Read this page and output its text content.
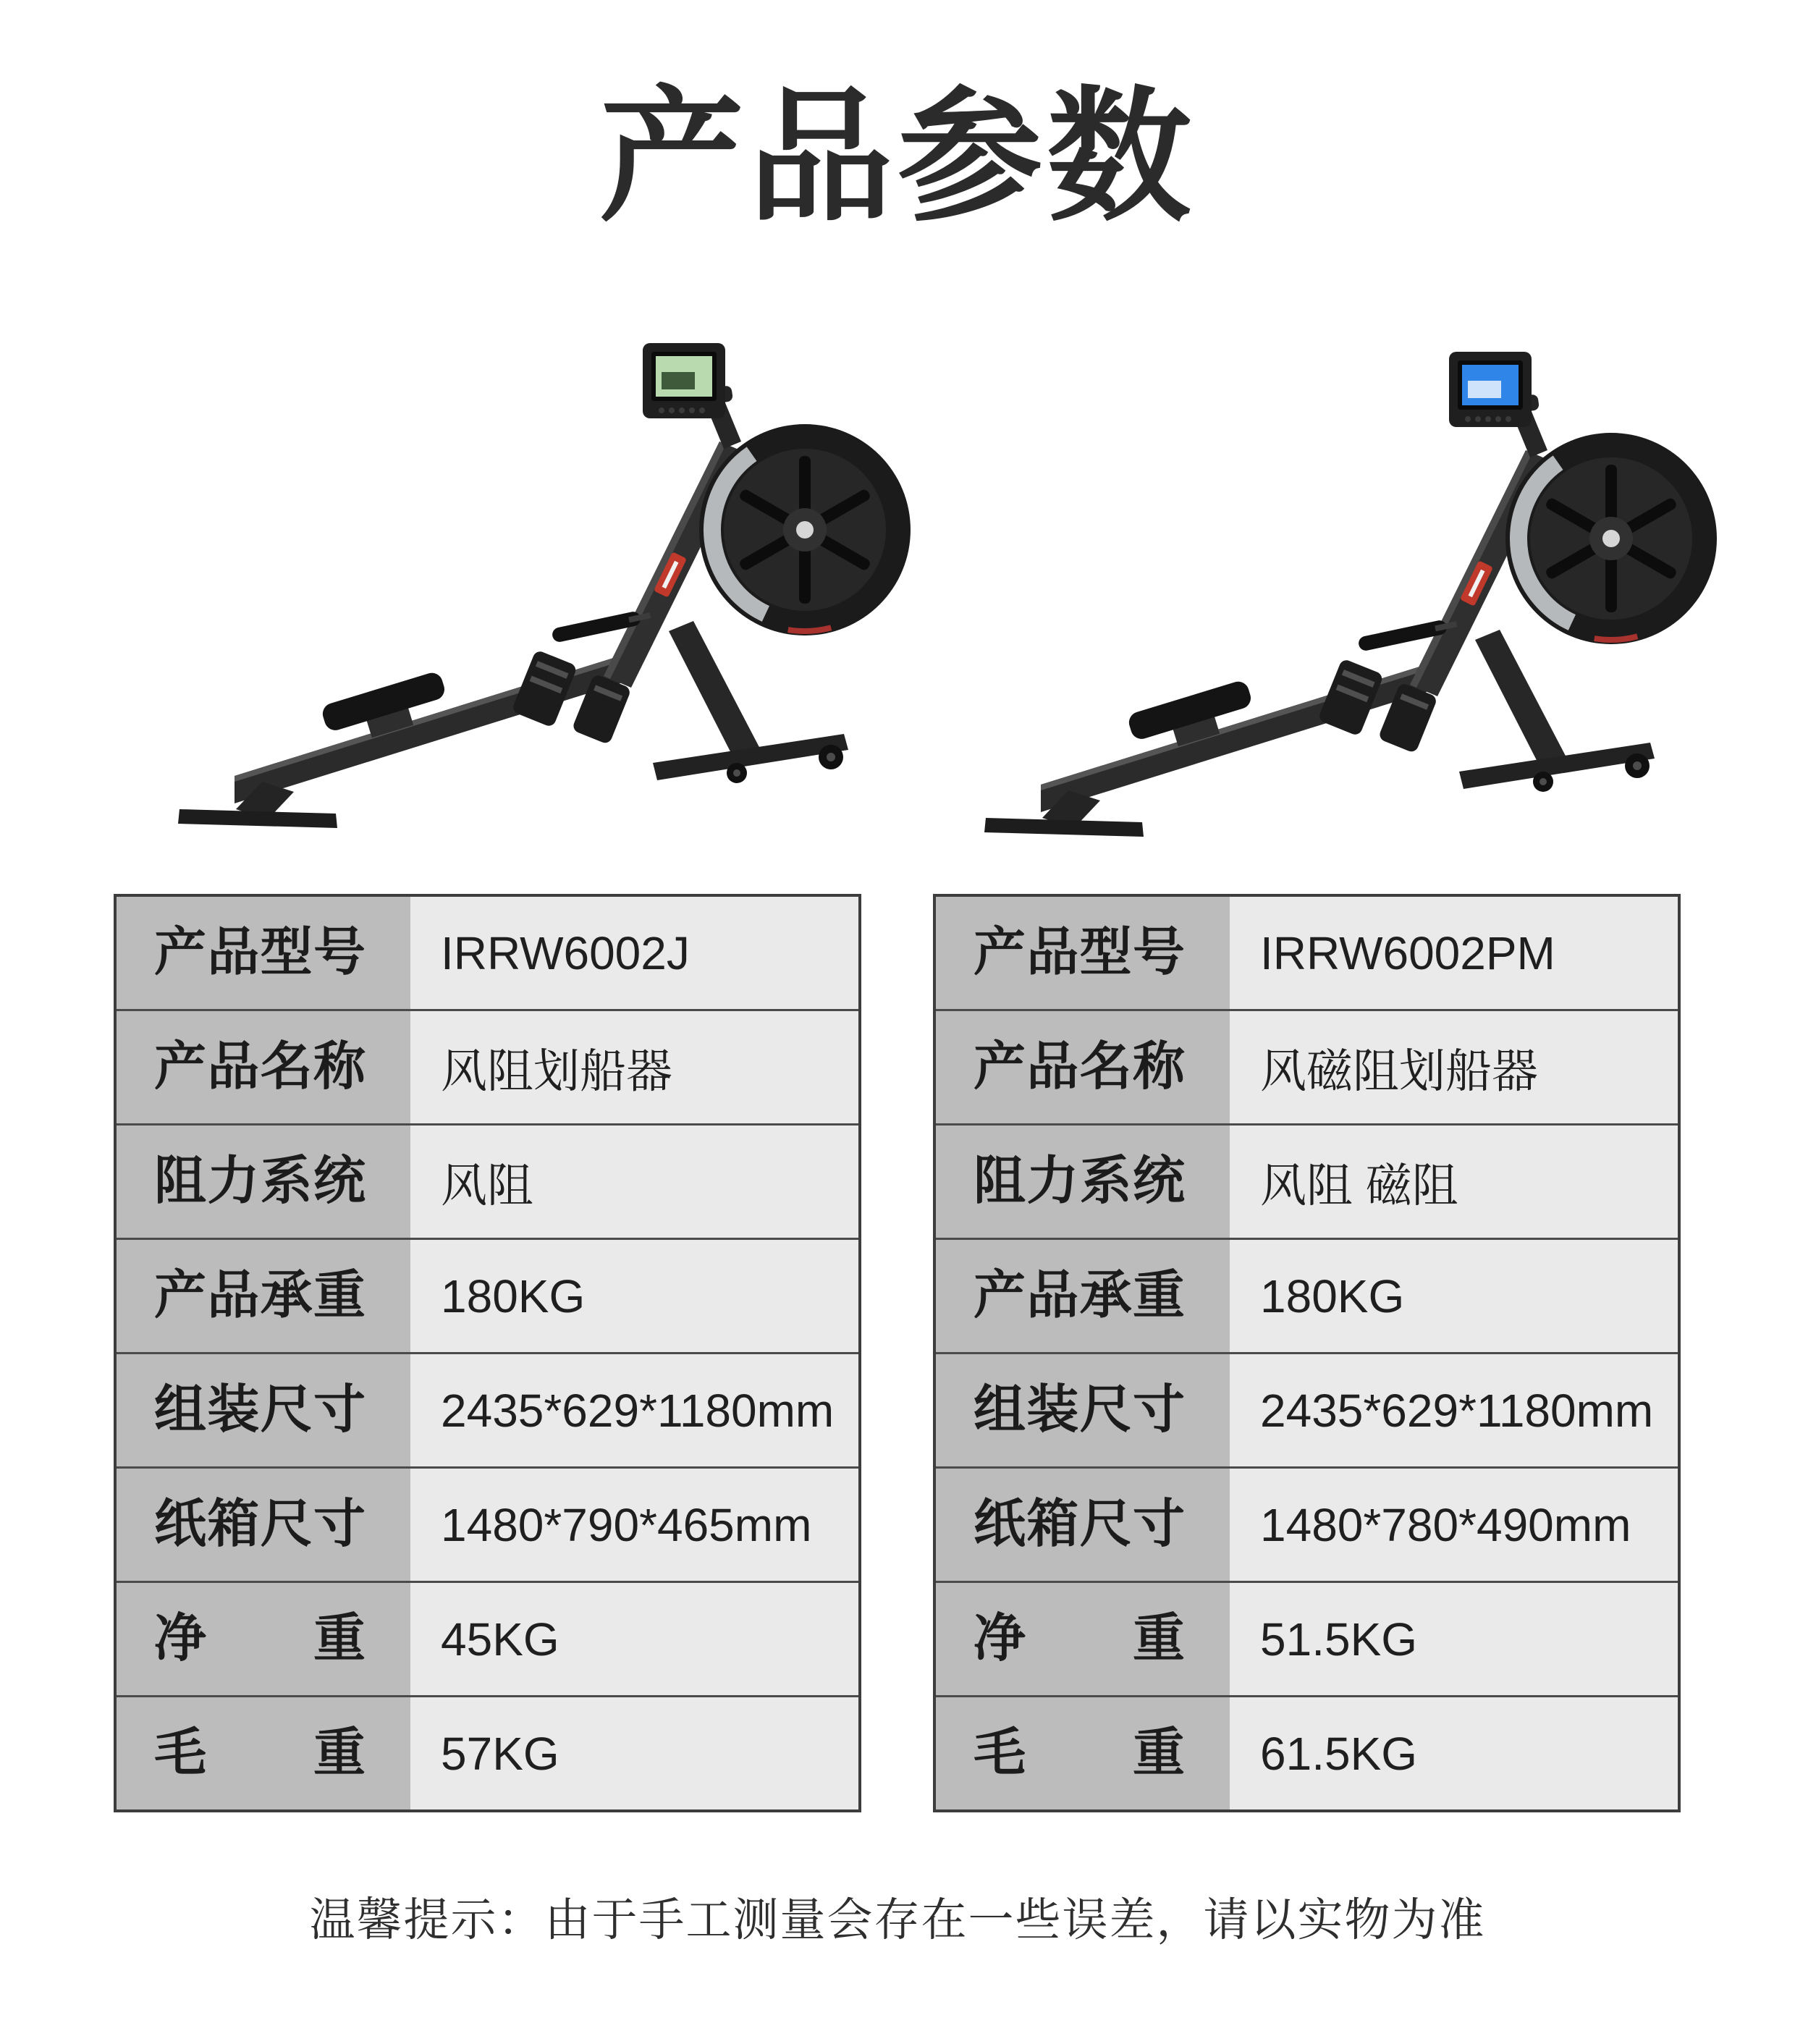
产品参数
产品型号	IRRW6002J
产品名称	风阻划船器
阻力系统	风阻
产品承重	180KG
组装尺寸	2435*629*1180mm
纸箱尺寸	1480*790*465mm
净重	45KG
毛重	57KG
产品型号	IRRW6002PM
产品名称	风磁阻划船器
阻力系统	风阻 磁阻
产品承重	180KG
组装尺寸	2435*629*1180mm
纸箱尺寸	1480*780*490mm
净重	51.5KG
毛重	61.5KG
温馨提示：由于手工测量会存在一些误差，请以实物为准
